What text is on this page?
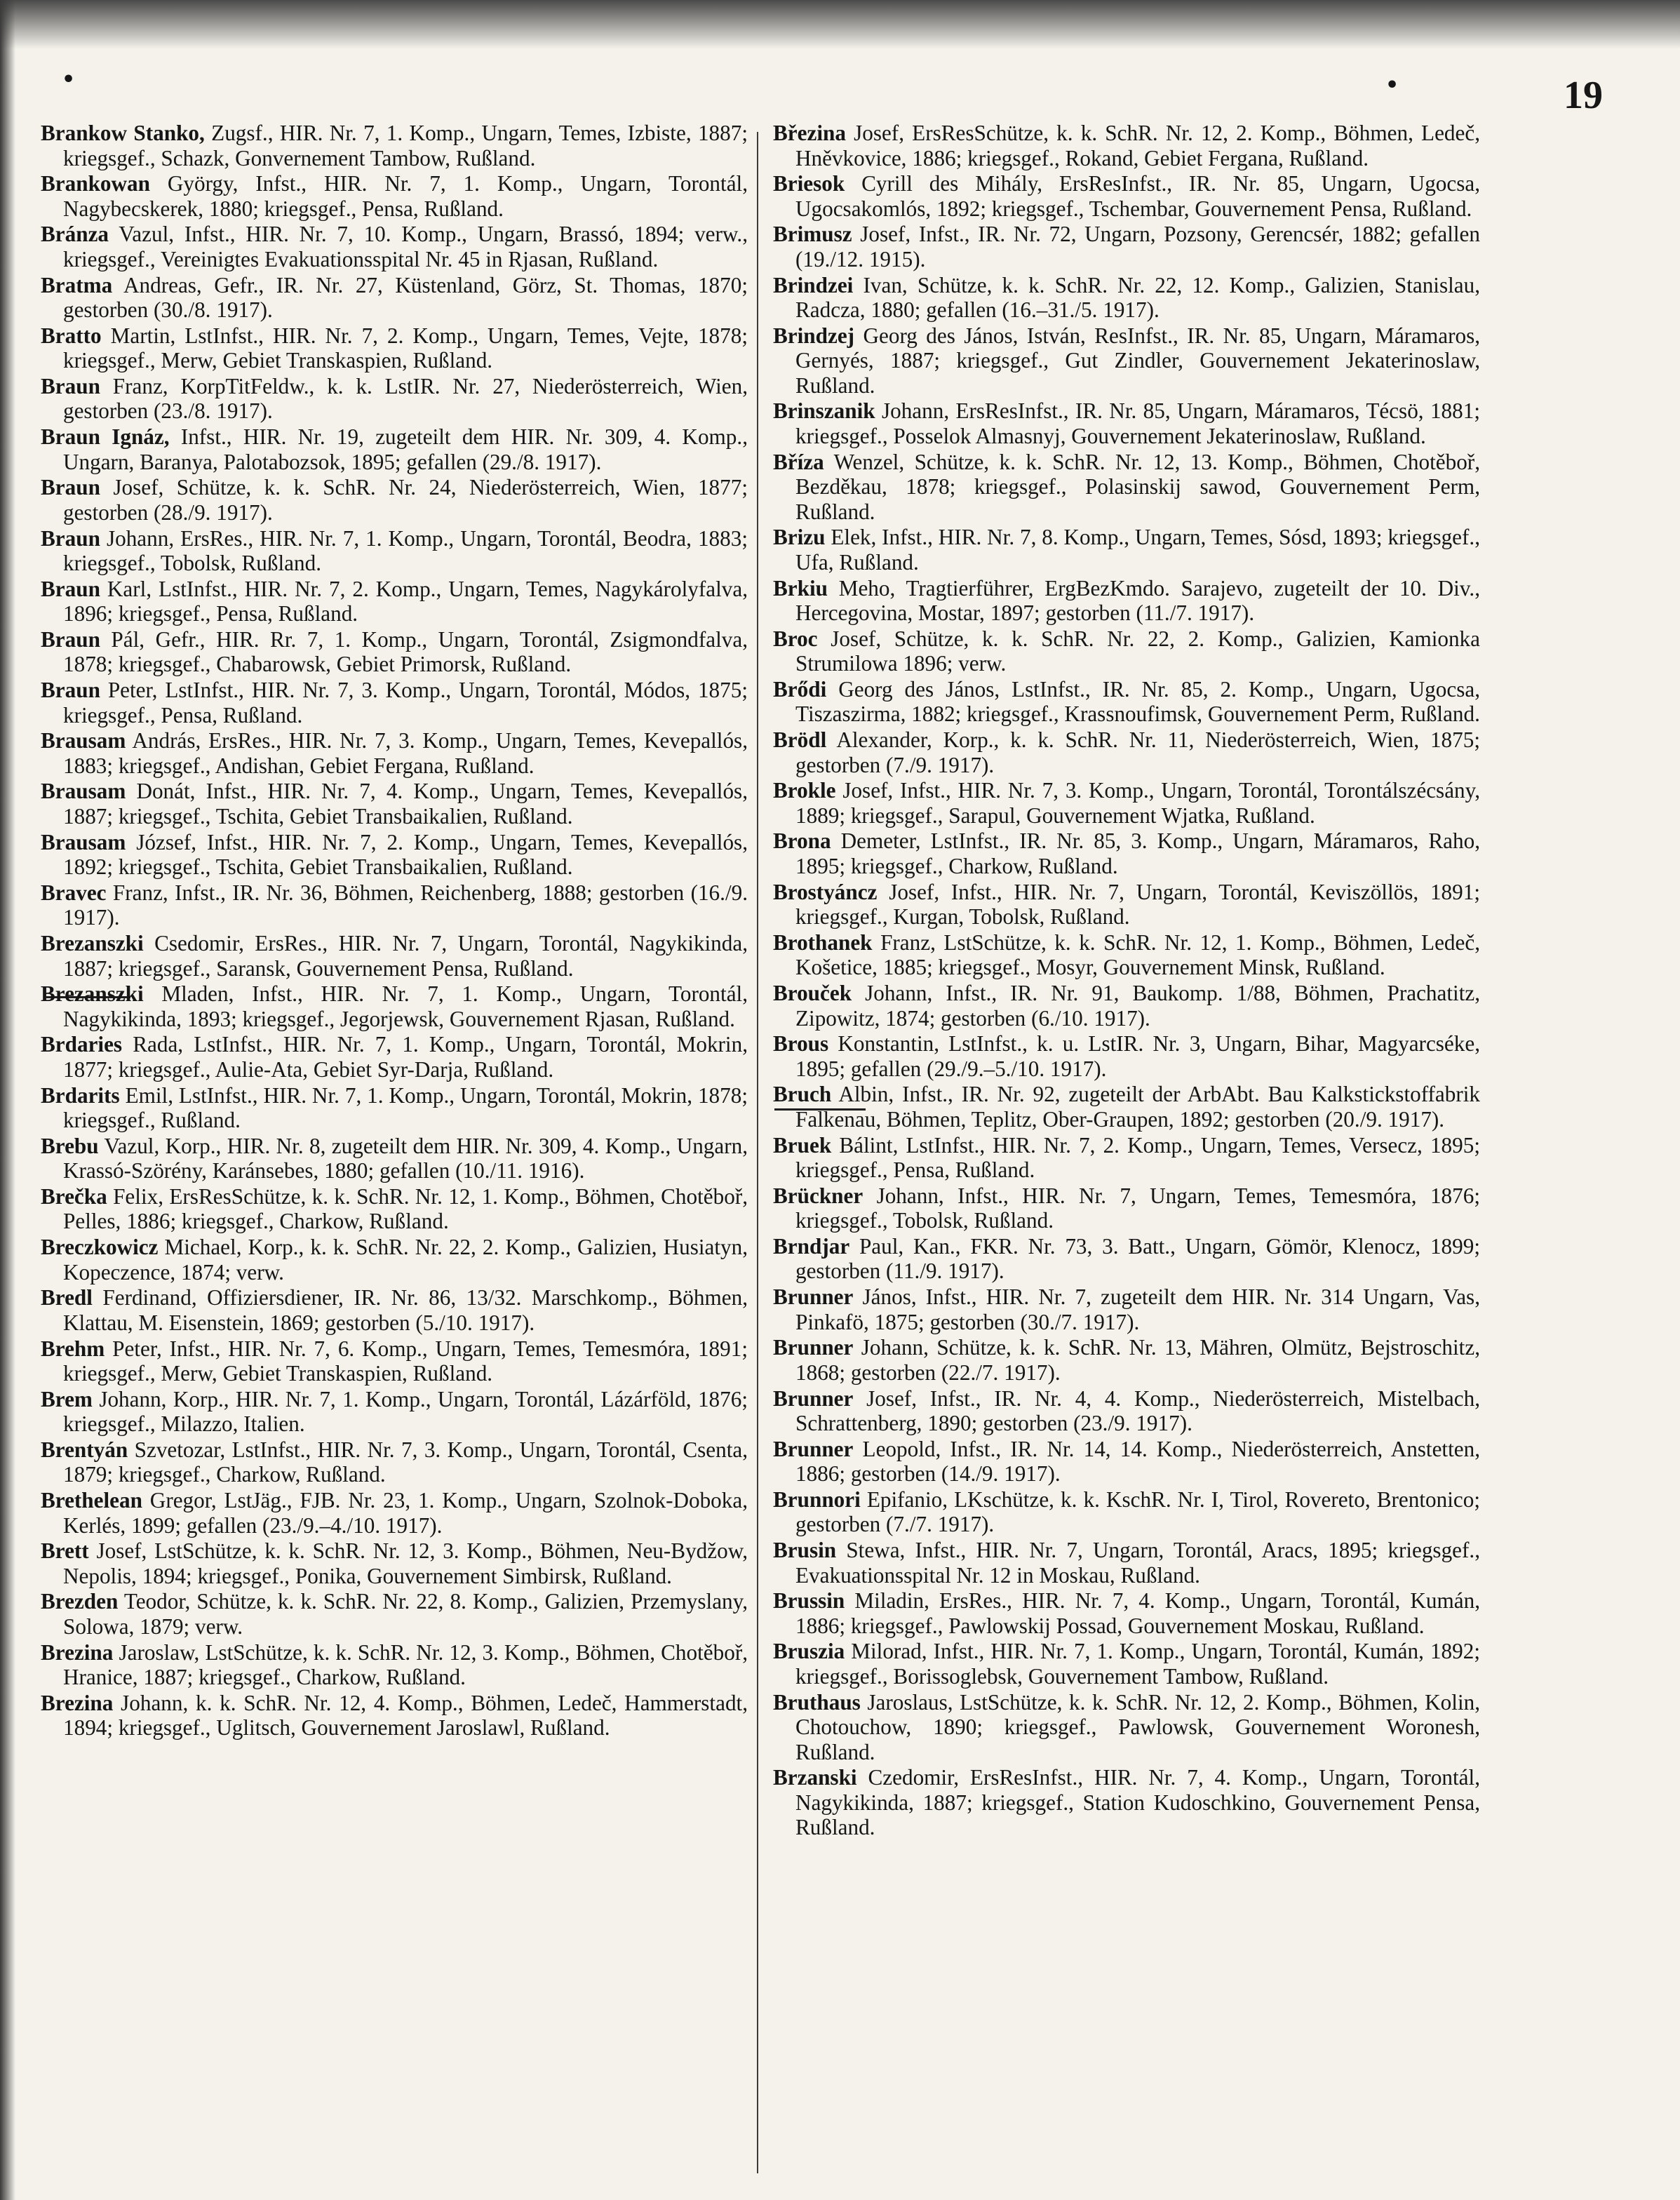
•	•	19

Brankow Stanko, Zugsf., HIR. Nr. 7, 1. Komp., Ungarn, Temes, Izbiste, 1887; kriegsgef., Schazk, Gonvernement Tambow, Rußland.

Brankowan György, Infst., HIR. Nr. 7, 1. Komp., Ungarn, Torontál, Nagybecskerek, 1880; kriegsgef., Pensa, Rußland.

Bránza Vazul, Infst., HIR. Nr. 7, 10. Komp., Ungarn, Brassó, 1894; verw., kriegsgef., Vereinigtes Evakuationsspital Nr. 45 in Rjasan, Rußland.

Bratma Andreas, Gefr., IR. Nr. 27, Küstenland, Görz, St. Thomas, 1870; gestorben (30./8. 1917).

Bratto Martin, LstInfst., HIR. Nr. 7, 2. Komp., Ungarn, Temes, Vejte, 1878; kriegsgef., Merw, Gebiet Transkaspien, Rußland.

Braun Franz, KorpTitFeldw., k. k. LstIR. Nr. 27, Niederösterreich, Wien, gestorben (23./8. 1917).

Braun Ignáz, Infst., HIR. Nr. 19, zugeteilt dem HIR. Nr. 309, 4. Komp., Ungarn, Baranya, Palotabozsok, 1895; gefallen (29./8. 1917).

Braun Josef, Schütze, k. k. SchR. Nr. 24, Niederösterreich, Wien, 1877; gestorben (28./9. 1917).

Braun Johann, ErsRes., HIR. Nr. 7, 1. Komp., Ungarn, Torontál, Beodra, 1883; kriegsgef., Tobolsk, Rußland.

Braun Karl, LstInfst., HIR. Nr. 7, 2. Komp., Ungarn, Temes, Nagykárolyfalva, 1896; kriegsgef., Pensa, Rußland.

Braun Pál, Gefr., HIR. Rr. 7, 1. Komp., Ungarn, Torontál, Zsigmondfalva, 1878; kriegsgef., Chabarowsk, Gebiet Primorsk, Rußland.

Braun Peter, LstInfst., HIR. Nr. 7, 3. Komp., Ungarn, Torontál, Módos, 1875; kriegsgef., Pensa, Rußland.

Brausam András, ErsRes., HIR. Nr. 7, 3. Komp., Ungarn, Temes, Kevepallós, 1883; kriegsgef., Andishan, Gebiet Fergana, Rußland.

Brausam Donát, Infst., HIR. Nr. 7, 4. Komp., Ungarn, Temes, Kevepallós, 1887; kriegsgef., Tschita, Gebiet Transbaikalien, Rußland.

Brausam József, Infst., HIR. Nr. 7, 2. Komp., Ungarn, Temes, Kevepallós, 1892; kriegsgef., Tschita, Gebiet Transbaikalien, Rußland.

Bravec Franz, Infst., IR. Nr. 36, Böhmen, Reichenberg, 1888; gestorben (16./9. 1917).

Brezanszki Csedomir, ErsRes., HIR. Nr. 7, Ungarn, Torontál, Nagykikinda, 1887; kriegsgef., Saransk, Gouvernement Pensa, Rußland.

Brezanszki Mladen, Infst., HIR. Nr. 7, 1. Komp., Ungarn, Torontál, Nagykikinda, 1893; kriegsgef., Jegorjewsk, Gouvernement Rjasan, Rußland.

Brdaries Rada, LstInfst., HIR. Nr. 7, 1. Komp., Ungarn, Torontál, Mokrin, 1877; kriegsgef., Aulie-Ata, Gebiet Syr-Darja, Rußland.

Brdarits Emil, LstInfst., HIR. Nr. 7, 1. Komp., Ungarn, Torontál, Mokrin, 1878; kriegsgef., Rußland.

Brebu Vazul, Korp., HIR. Nr. 8, zugeteilt dem HIR. Nr. 309, 4. Komp., Ungarn, Krassó-Szörény, Karánsebes, 1880; gefallen (10./11. 1916).

Brečka Felix, ErsResSchütze, k. k. SchR. Nr. 12, 1. Komp., Böhmen, Chotěboř, Pelles, 1886; kriegsgef., Charkow, Rußland.

Breczkowicz Michael, Korp., k. k. SchR. Nr. 22, 2. Komp., Galizien, Husiatyn, Kopeczence, 1874; verw.

Bredl Ferdinand, Offiziersdiener, IR. Nr. 86, 13/32. Marschkomp., Böhmen, Klattau, M. Eisenstein, 1869; gestorben (5./10. 1917).

Brehm Peter, Infst., HIR. Nr. 7, 6. Komp., Ungarn, Temes, Temesmóra, 1891; kriegsgef., Merw, Gebiet Transkaspien, Rußland.

Brem Johann, Korp., HIR. Nr. 7, 1. Komp., Ungarn, Torontál, Lázárföld, 1876; kriegsgef., Milazzo, Italien.

Brentyán Szvetozar, LstInfst., HIR. Nr. 7, 3. Komp., Ungarn, Torontál, Csenta, 1879; kriegsgef., Charkow, Rußland.

Brethelean Gregor, LstJäg., FJB. Nr. 23, 1. Komp., Ungarn, Szolnok-Doboka, Kerlés, 1899; gefallen (23./9.–4./10. 1917).

Brett Josef, LstSchütze, k. k. SchR. Nr. 12, 3. Komp., Böhmen, Neu-Bydžow, Nepolis, 1894; kriegsgef., Ponika, Gouvernement Simbirsk, Rußland.

Brezden Teodor, Schütze, k. k. SchR. Nr. 22, 8. Komp., Galizien, Przemyslany, Solowa, 1879; verw.

Brezina Jaroslaw, LstSchütze, k. k. SchR. Nr. 12, 3. Komp., Böhmen, Chotěboř, Hranice, 1887; kriegsgef., Charkow, Rußland.

Brezina Johann, k. k. SchR. Nr. 12, 4. Komp., Böhmen, Ledeč, Hammerstadt, 1894; kriegsgef., Uglitsch, Gouvernement Jaroslawl, Rußland.

Březina Josef, ErsResSchütze, k. k. SchR. Nr. 12, 2. Komp., Böhmen, Ledeč, Hněvkovice, 1886; kriegsgef., Rokand, Gebiet Fergana, Rußland.

Briesok Cyrill des Mihály, ErsResInfst., IR. Nr. 85, Ungarn, Ugocsa, Ugocsakomlós, 1892; kriegsgef., Tschembar, Gouvernement Pensa, Rußland.

Brimusz Josef, Infst., IR. Nr. 72, Ungarn, Pozsony, Gerencsér, 1882; gefallen (19./12. 1915).

Brindzei Ivan, Schütze, k. k. SchR. Nr. 22, 12. Komp., Galizien, Stanislau, Radcza, 1880; gefallen (16.–31./5. 1917).

Brindzej Georg des János, István, ResInfst., IR. Nr. 85, Ungarn, Máramaros, Gernyés, 1887; kriegsgef., Gut Zindler, Gouvernement Jekaterinoslaw, Rußland.

Brinszanik Johann, ErsResInfst., IR. Nr. 85, Ungarn, Máramaros, Técsö, 1881; kriegsgef., Posselok Almasnyj, Gouvernement Jekaterinoslaw, Rußland.

Bříza Wenzel, Schütze, k. k. SchR. Nr. 12, 13. Komp., Böhmen, Chotěboř, Bezděkau, 1878; kriegsgef., Polasinskij sawod, Gouvernement Perm, Rußland.

Brizu Elek, Infst., HIR. Nr. 7, 8. Komp., Ungarn, Temes, Sósd, 1893; kriegsgef., Ufa, Rußland.

Brkiu Meho, Tragtierführer, ErgBezKmdo. Sarajevo, zugeteilt der 10. Div., Hercegovina, Mostar, 1897; gestorben (11./7. 1917).

Broc Josef, Schütze, k. k. SchR. Nr. 22, 2. Komp., Galizien, Kamionka Strumilowa 1896; verw.

Brődi Georg des János, LstInfst., IR. Nr. 85, 2. Komp., Ungarn, Ugocsa, Tiszaszirma, 1882; kriegsgef., Krassnoufimsk, Gouvernement Perm, Rußland.

Brödl Alexander, Korp., k. k. SchR. Nr. 11, Niederösterreich, Wien, 1875; gestorben (7./9. 1917).

Brokle Josef, Infst., HIR. Nr. 7, 3. Komp., Ungarn, Torontál, Torontálszécsány, 1889; kriegsgef., Sarapul, Gouvernement Wjatka, Rußland.

Brona Demeter, LstInfst., IR. Nr. 85, 3. Komp., Ungarn, Máramaros, Raho, 1895; kriegsgef., Charkow, Rußland.

Brostyáncz Josef, Infst., HIR. Nr. 7, Ungarn, Torontál, Keviszöllös, 1891; kriegsgef., Kurgan, Tobolsk, Rußland.

Brothanek Franz, LstSchütze, k. k. SchR. Nr. 12, 1. Komp., Böhmen, Ledeč, Košetice, 1885; kriegsgef., Mosyr, Gouvernement Minsk, Rußland.

Brouček Johann, Infst., IR. Nr. 91, Baukomp. 1/88, Böhmen, Prachatitz, Zipowitz, 1874; gestorben (6./10. 1917).

Brous Konstantin, LstInfst., k. u. LstIR. Nr. 3, Ungarn, Bihar, Magyarcséke, 1895; gefallen (29./9.–5./10. 1917).

Bruch Albin, Infst., IR. Nr. 92, zugeteilt der ArbAbt. Bau Kalkstickstoffabrik Falkenau, Böhmen, Teplitz, Ober-Graupen, 1892; gestorben (20./9. 1917).

Bruek Bálint, LstInfst., HIR. Nr. 7, 2. Komp., Ungarn, Temes, Versecz, 1895; kriegsgef., Pensa, Rußland.

Brückner Johann, Infst., HIR. Nr. 7, Ungarn, Temes, Temesmóra, 1876; kriegsgef., Tobolsk, Rußland.

Brndjar Paul, Kan., FKR. Nr. 73, 3. Batt., Ungarn, Gömör, Klenocz, 1899; gestorben (11./9. 1917).

Brunner János, Infst., HIR. Nr. 7, zugeteilt dem HIR. Nr. 314 Ungarn, Vas, Pinkafö, 1875; gestorben (30./7. 1917).

Brunner Johann, Schütze, k. k. SchR. Nr. 13, Mähren, Olmütz, Bejstroschitz, 1868; gestorben (22./7. 1917).

Brunner Josef, Infst., IR. Nr. 4, 4. Komp., Niederösterreich, Mistelbach, Schrattenberg, 1890; gestorben (23./9. 1917).

Brunner Leopold, Infst., IR. Nr. 14, 14. Komp., Niederösterreich, Anstetten, 1886; gestorben (14./9. 1917).

Brunnori Epifanio, LKschütze, k. k. KschR. Nr. I, Tirol, Rovereto, Brentonico; gestorben (7./7. 1917).

Brusin Stewa, Infst., HIR. Nr. 7, Ungarn, Torontál, Aracs, 1895; kriegsgef., Evakuationsspital Nr. 12 in Moskau, Rußland.

Brussin Miladin, ErsRes., HIR. Nr. 7, 4. Komp., Ungarn, Torontál, Kumán, 1886; kriegsgef., Pawlowskij Possad, Gouvernement Moskau, Rußland.

Bruszia Milorad, Infst., HIR. Nr. 7, 1. Komp., Ungarn, Torontál, Kumán, 1892; kriegsgef., Borissoglebsk, Gouvernement Tambow, Rußland.

Bruthaus Jaroslaus, LstSchütze, k. k. SchR. Nr. 12, 2. Komp., Böhmen, Kolin, Chotouchow, 1890; kriegsgef., Pawlowsk, Gouvernement Woronesh, Rußland.

Brzanski Czedomir, ErsResInfst., HIR. Nr. 7, 4. Komp., Ungarn, Torontál, Nagykikinda, 1887; kriegsgef., Station Kudoschkino, Gouvernement Pensa, Rußland.
